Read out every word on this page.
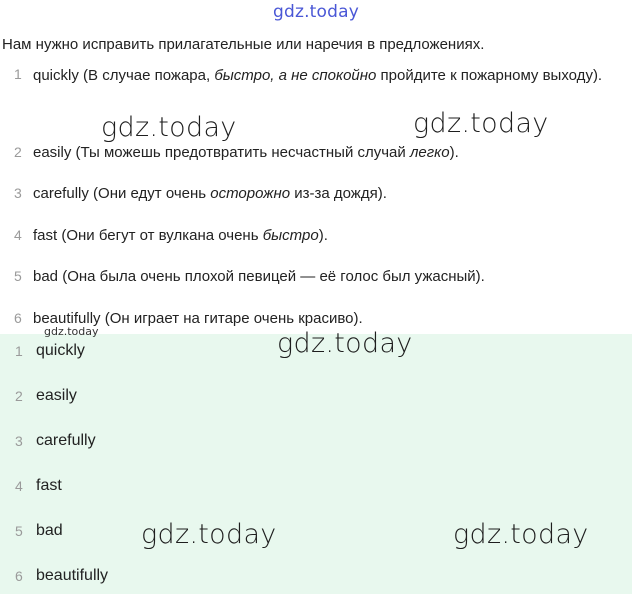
gdz.today
Нам нужно исправить прилагательные или наречия в предложениях.
1 quickly (В случае пожара, быстро, а не спокойно пройдите к пожарному выходу).
2 easily (Ты можешь предотвратить несчастный случай легко).
3 carefully (Они едут очень осторожно из-за дождя).
4 fast (Они бегут от вулкана очень быстро).
5 bad (Она была очень плохой певицей — её голос был ужасный).
6 beautifully (Он играет на гитаре очень красиво).
1 quickly
2 easily
3 carefully
4 fast
5 bad
6 beautifully
gdz.today	gdz.today
gdz.today
gdz.today	gdz.today
gdz.today
